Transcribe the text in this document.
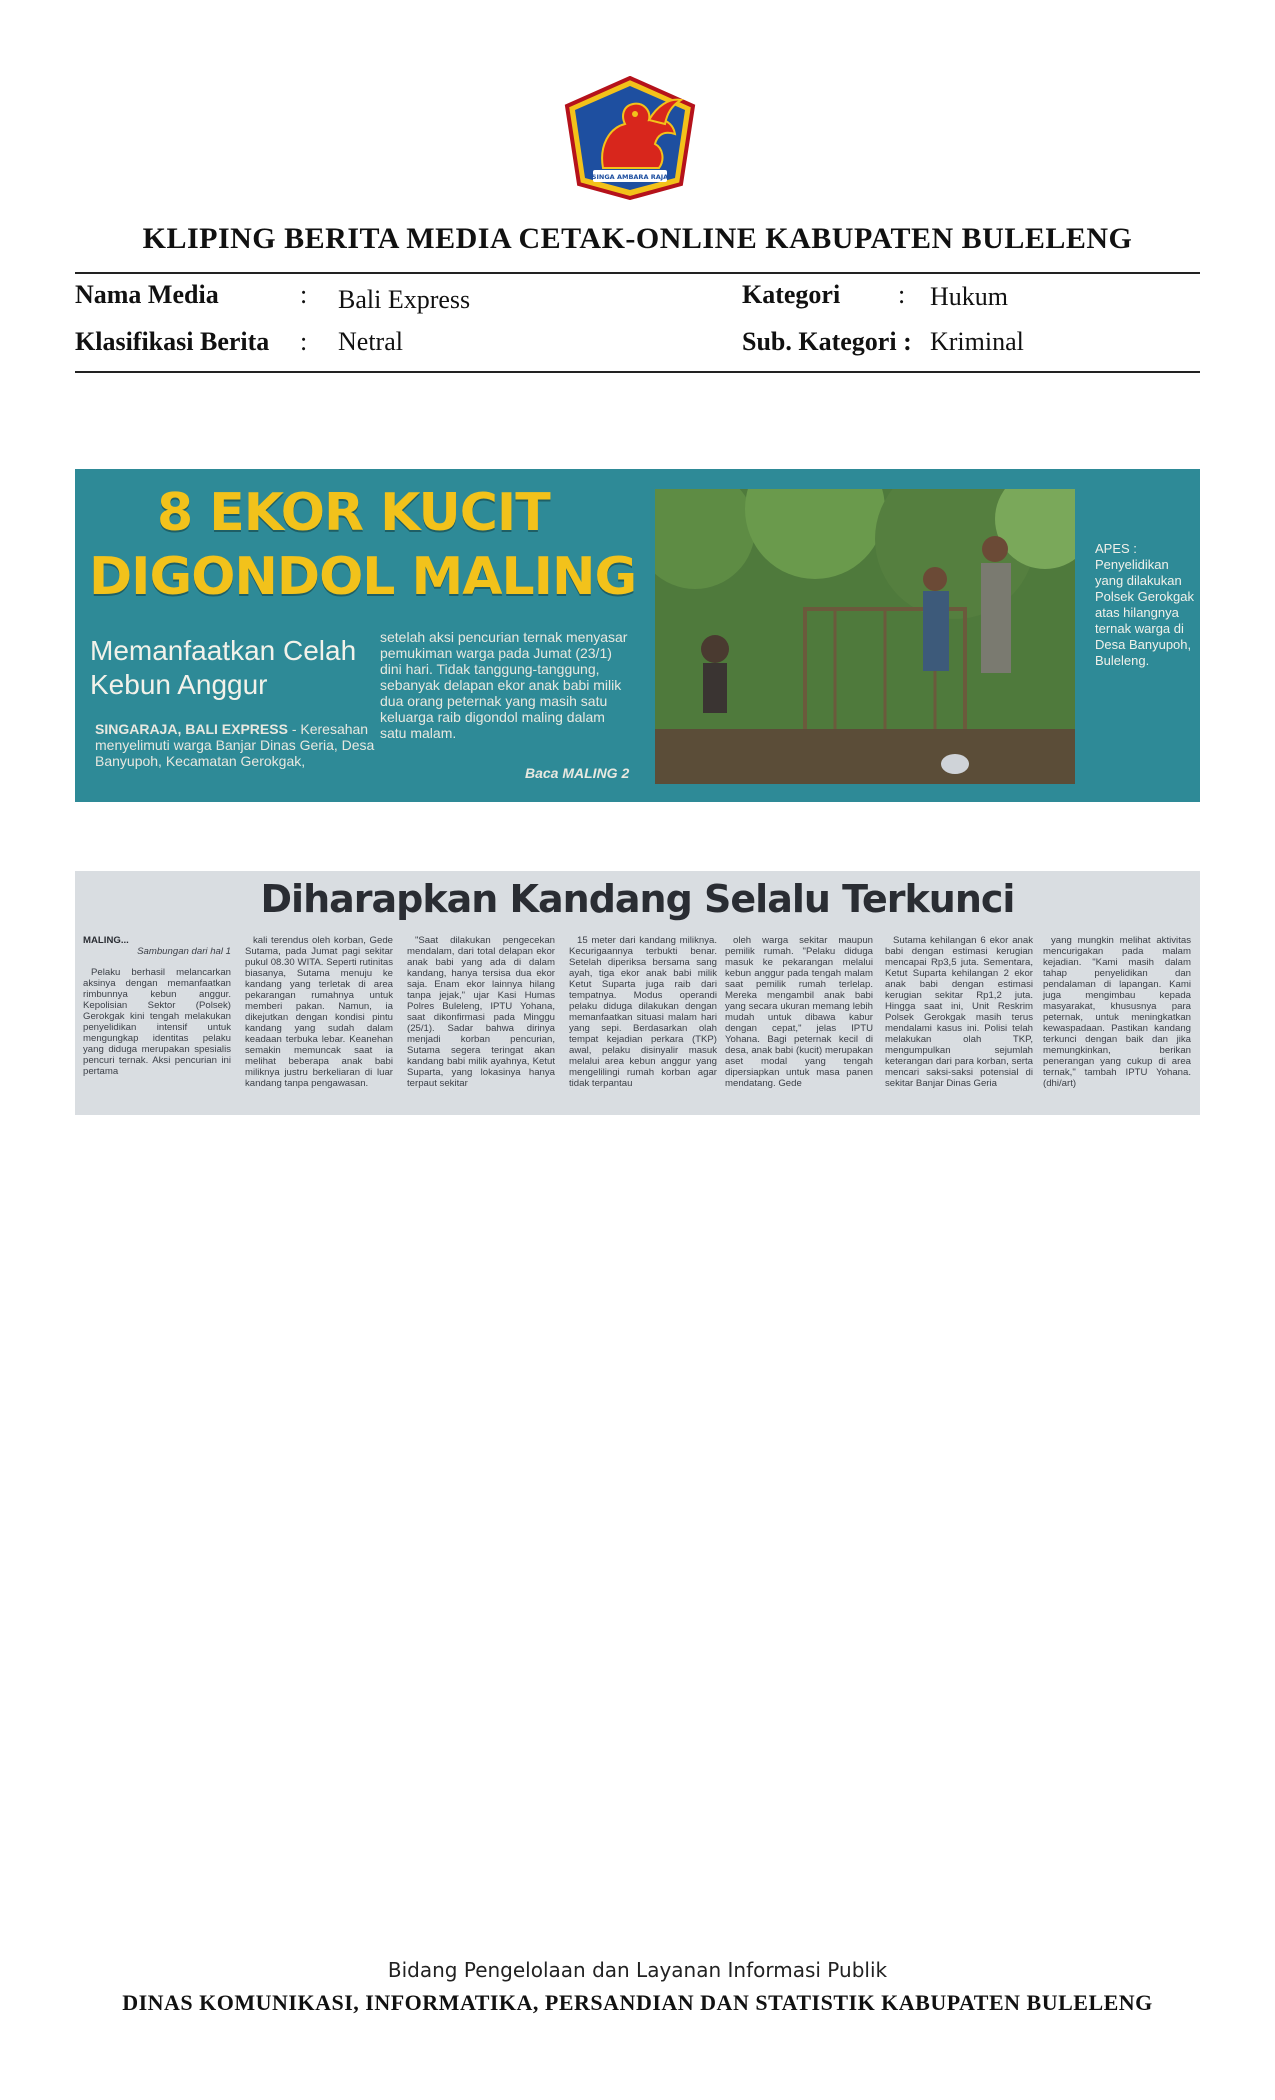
SINGA AMBARA RAJA
KLIPING BERITA MEDIA CETAK-ONLINE KABUPATEN BULELENG
Nama Media	: Bali Express	Kategori : Hukum
Klasifikasi Berita : Netral	Sub. Kategori : Kriminal
8 EKOR KUCIT
DIGONDOL MALING
Memanfaatkan Celah Kebun Anggur
SINGARAJA, BALI EXPRESS - Keresahan menyelimuti warga Banjar Dinas Geria, Desa Banyupoh, Kecamatan Gerokgak,
setelah aksi pencurian ternak menyasar pemukiman warga pada Jumat (23/1) dini hari. Tidak tanggung-tanggung, sebanyak delapan ekor anak babi milik dua orang peternak yang masih satu keluarga raib digondol maling dalam satu malam.
Baca MALING 2
APES : Penyelidikan yang dilakukan Polsek Gerokgak atas hilangnya ternak warga di Desa Banyupoh, Buleleng.
Diharapkan Kandang Selalu Terkunci

MALING...

Sambungan dari hal 1

Pelaku berhasil melancarkan aksinya dengan memanfaatkan rimbunnya kebun anggur. Kepolisian Sektor (Polsek) Gerokgak kini tengah melakukan penyelidikan intensif untuk mengungkap identitas pelaku yang diduga merupakan spesialis pencuri ternak. Aksi pencurian ini pertama

kali terendus oleh korban, Gede Sutama, pada Jumat pagi sekitar pukul 08.30 WITA. Seperti rutinitas biasanya, Sutama menuju ke kandang yang terletak di area pekarangan rumahnya untuk memberi pakan. Namun, ia dikejutkan dengan kondisi pintu kandang yang sudah dalam keadaan terbuka lebar. Keanehan semakin memuncak saat ia melihat beberapa anak babi miliknya justru berkeliaran di luar kandang tanpa pengawasan.

"Saat dilakukan pengecekan mendalam, dari total delapan ekor anak babi yang ada di dalam kandang, hanya tersisa dua ekor saja. Enam ekor lainnya hilang tanpa jejak," ujar Kasi Humas Polres Buleleng, IPTU Yohana, saat dikonfirmasi pada Minggu (25/1). Sadar bahwa dirinya menjadi korban pencurian, Sutama segera teringat akan kandang babi milik ayahnya, Ketut Suparta, yang lokasinya hanya terpaut sekitar

15 meter dari kandang miliknya. Kecurigaannya terbukti benar. Setelah diperiksa bersama sang ayah, tiga ekor anak babi milik Ketut Suparta juga raib dari tempatnya. Modus operandi pelaku diduga dilakukan dengan memanfaatkan situasi malam hari yang sepi. Berdasarkan olah tempat kejadian perkara (TKP) awal, pelaku disinyalir masuk melalui area kebun anggur yang mengelilingi rumah korban agar tidak terpantau

oleh warga sekitar maupun pemilik rumah. "Pelaku diduga masuk ke pekarangan melalui kebun anggur pada tengah malam saat pemilik rumah terlelap. Mereka mengambil anak babi yang secara ukuran memang lebih mudah untuk dibawa kabur dengan cepat," jelas IPTU Yohana. Bagi peternak kecil di desa, anak babi (kucit) merupakan aset modal yang tengah dipersiapkan untuk masa panen mendatang. Gede

Sutama kehilangan 6 ekor anak babi dengan estimasi kerugian mencapai Rp3,5 juta. Sementara, Ketut Suparta kehilangan 2 ekor anak babi dengan estimasi kerugian sekitar Rp1,2 juta. Hingga saat ini, Unit Reskrim Polsek Gerokgak masih terus mendalami kasus ini. Polisi telah melakukan olah TKP, mengumpulkan sejumlah keterangan dari para korban, serta mencari saksi-saksi potensial di sekitar Banjar Dinas Geria

yang mungkin melihat aktivitas mencurigakan pada malam kejadian. "Kami masih dalam tahap penyelidikan dan pendalaman di lapangan. Kami juga mengimbau kepada masyarakat, khususnya para peternak, untuk meningkatkan kewaspadaan. Pastikan kandang terkunci dengan baik dan jika memungkinkan, berikan penerangan yang cukup di area ternak," tambah IPTU Yohana. (dhi/art)

Bidang Pengelolaan dan Layanan Informasi Publik
DINAS KOMUNIKASI, INFORMATIKA, PERSANDIAN DAN STATISTIK KABUPATEN BULELENG
